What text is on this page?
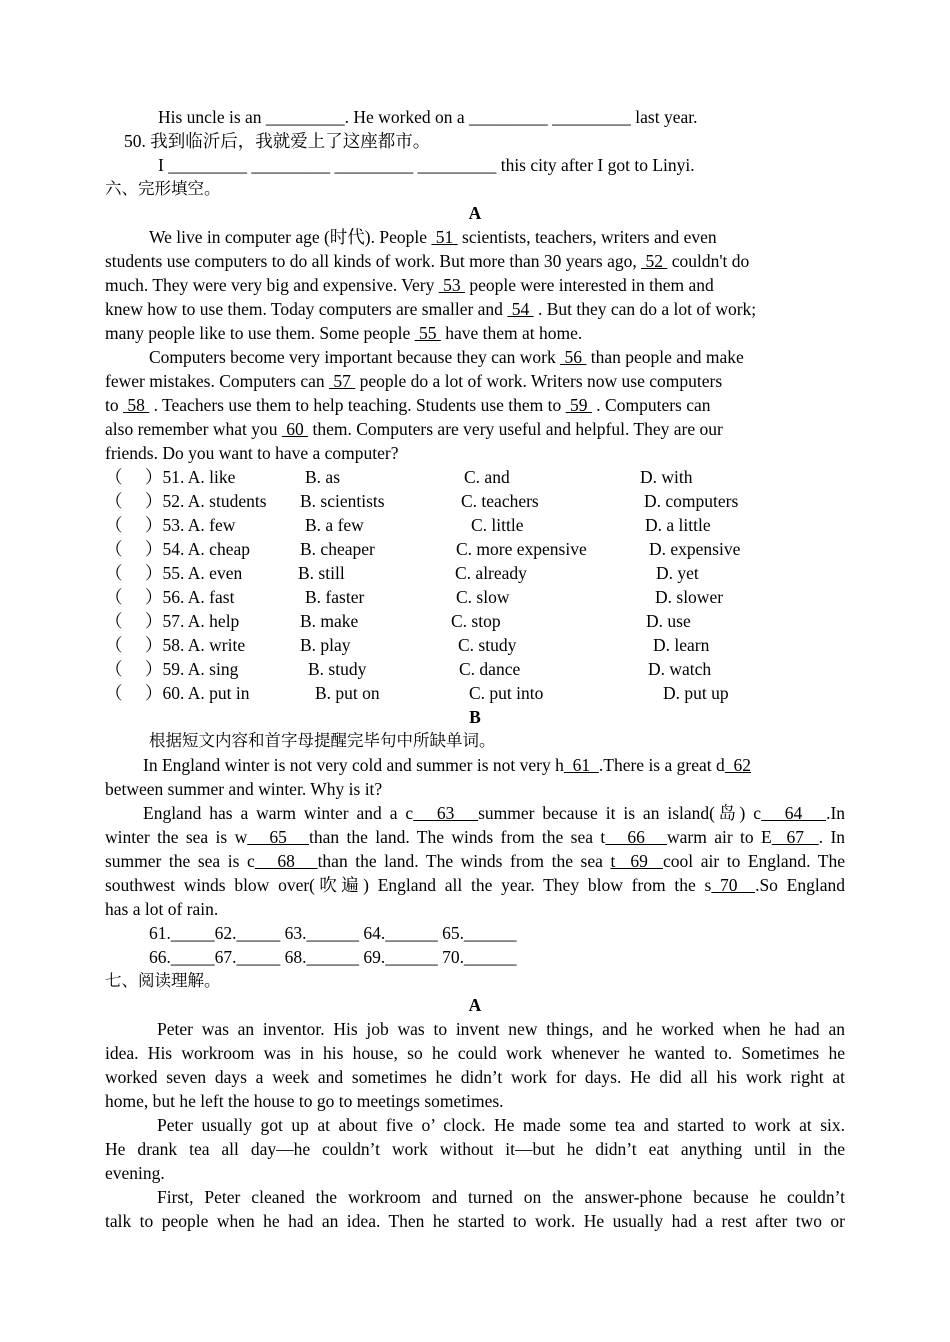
His uncle is an _________. He worked on a _________ _________ last year.
50. 我到临沂后，我就爱上了这座都市。
I _________ _________ _________ _________ this city after I got to Linyi.
六、完形填空。
A
We live in computer age (时代). People  51  scientists, teachers, writers and even
students use computers to do all kinds of work. But more than 30 years ago,  52  couldn't do
much. They were very big and expensive. Very  53  people were interested in them and
knew how to use them. Today computers are smaller and  54  . But they can do a lot of work;
many people like to use them. Some people  55  have them at home.
Computers become very important because they can work  56  than people and make
fewer mistakes. Computers can  57  people do a lot of work. Writers now use computers
to  58  . Teachers use them to help teaching. Students use them to  59  . Computers can
also remember what you  60  them. Computers are very useful and helpful. They are our
friends. Do you want to have a computer?
（ ）51. A. like	B. as	C. and	D. with
（ ）52. A. students B. scientists	C. teachers	D. computers
（ ）53. A. few	B. a few	C. little	D. a little
（ ）54. A. cheap	B. cheaper	C. more expensive	D. expensive
（ ）55. A. even	B. still	C. already	D. yet
（ ）56. A. fast	B. faster	C. slow	D. slower
（ ）57. A. help	B. make	C. stop	D. use
（ ）58. A. write	B. play	C. study	D. learn
（ ）59. A. sing	B. study	C. dance	D. watch
（ ）60. A. put in	B. put on	C. put into	D. put up
B
根据短文内容和首字母提醒完毕句中所缺单词。
In England winter is not very cold and summer is not very h  61  .There is a great d  62
between summer and winter. Why is it?
England has a warm winter and a c   63   summer because it is an island(岛) c   64   .In
winter the sea is w   65   than the land. The winds from the sea t   66   warm air to E  67  . In
summer the sea is c   68   than the land. The winds from the sea t  69  cool air to England. The
southwest winds blow over(吹遍) England all the year. They blow from the s 70  .So England
has a lot of rain.
61._____62._____ 63.______ 64.______ 65.______
66._____67._____ 68.______ 69.______ 70.______
七、阅读理解。
A
Peter was an inventor. His job was to invent new things, and he worked when he had an
idea. His workroom was in his house, so he could work whenever he wanted to. Sometimes he
worked seven days a week and sometimes he didn’t work for days. He did all his work right at
home, but he left the house to go to meetings sometimes.
Peter usually got up at about five o’ clock. He made some tea and started to work at six.
He drank tea all day—he couldn’t work without it—but he didn’t eat anything until in the
evening.
First, Peter cleaned the workroom and turned on the answer-phone because he couldn’t
talk to people when he had an idea. Then he started to work. He usually had a rest after two or
